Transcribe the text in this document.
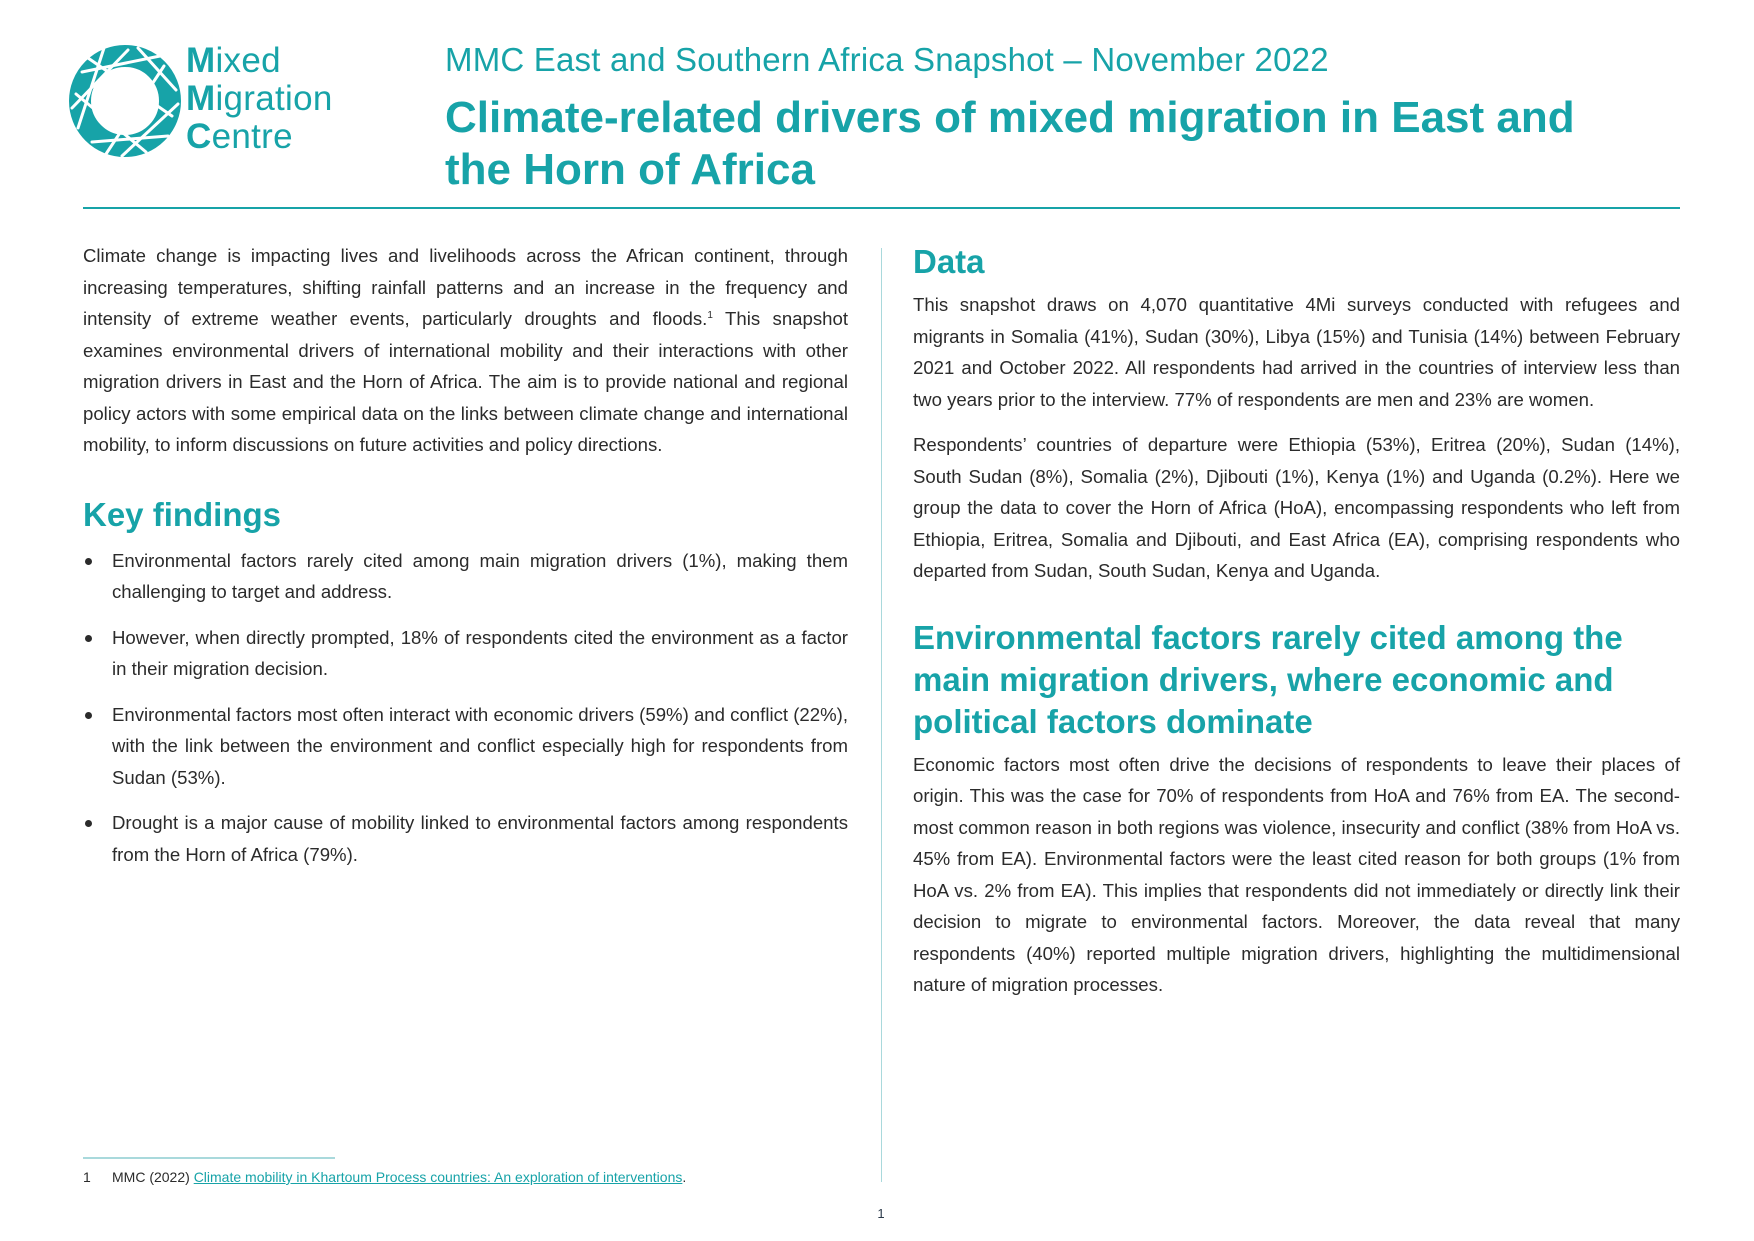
Mixed
Migration
Centre
MMC East and Southern Africa Snapshot – November 2022
Climate-related drivers of mixed migration in East and the Horn of Africa

Climate change is impacting lives and livelihoods across the African continent, through increasing temperatures, shifting rainfall patterns and an increase in the frequency and intensity of extreme weather events, particularly droughts and floods.$^1$ This snapshot examines environmental drivers of international mobility and their interactions with other migration drivers in East and the Horn of Africa. The aim is to provide national and regional policy actors with some empirical data on the links between climate change and international mobility, to inform discussions on future activities and policy directions.

Key findings
Environmental factors rarely cited among main migration drivers (1%), making them challenging to target and address.
However, when directly prompted, 18% of respondents cited the environment as a factor in their migration decision.
Environmental factors most often interact with economic drivers (59%) and conflict (22%), with the link between the environment and conflict especially high for respondents from Sudan (53%).
Drought is a major cause of mobility linked to environmental factors among respondents from the Horn of Africa (79%).
Data

This snapshot draws on 4,070 quantitative 4Mi surveys conducted with refugees and migrants in Somalia (41%), Sudan (30%), Libya (15%) and Tunisia (14%) between February 2021 and October 2022. All respondents had arrived in the countries of interview less than two years prior to the interview. 77% of respondents are men and 23% are women.

Respondents’ countries of departure were Ethiopia (53%), Eritrea (20%), Sudan (14%), South Sudan (8%), Somalia (2%), Djibouti (1%), Kenya (1%) and Uganda (0.2%). Here we group the data to cover the Horn of Africa (HoA), encompassing respondents who left from Ethiopia, Eritrea, Somalia and Djibouti, and East Africa (EA), comprising respondents who departed from Sudan, South Sudan, Kenya and Uganda.

Environmental factors rarely cited among the main migration drivers, where economic and political factors dominate

Economic factors most often drive the decisions of respondents to leave their places of origin. This was the case for 70% of respondents from HoA and 76% from EA. The second-most common reason in both regions was violence, insecurity and conflict (38% from HoA vs. 45% from EA). Environmental factors were the least cited reason for both groups (1% from HoA vs. 2% from EA). This implies that respondents did not immediately or directly link their decision to migrate to environmental factors. Moreover, the data reveal that many respondents (40%) reported multiple migration drivers, highlighting the multidimensional nature of migration processes.

1 MMC (2022) Climate mobility in Khartoum Process countries: An exploration of interventions.
1
